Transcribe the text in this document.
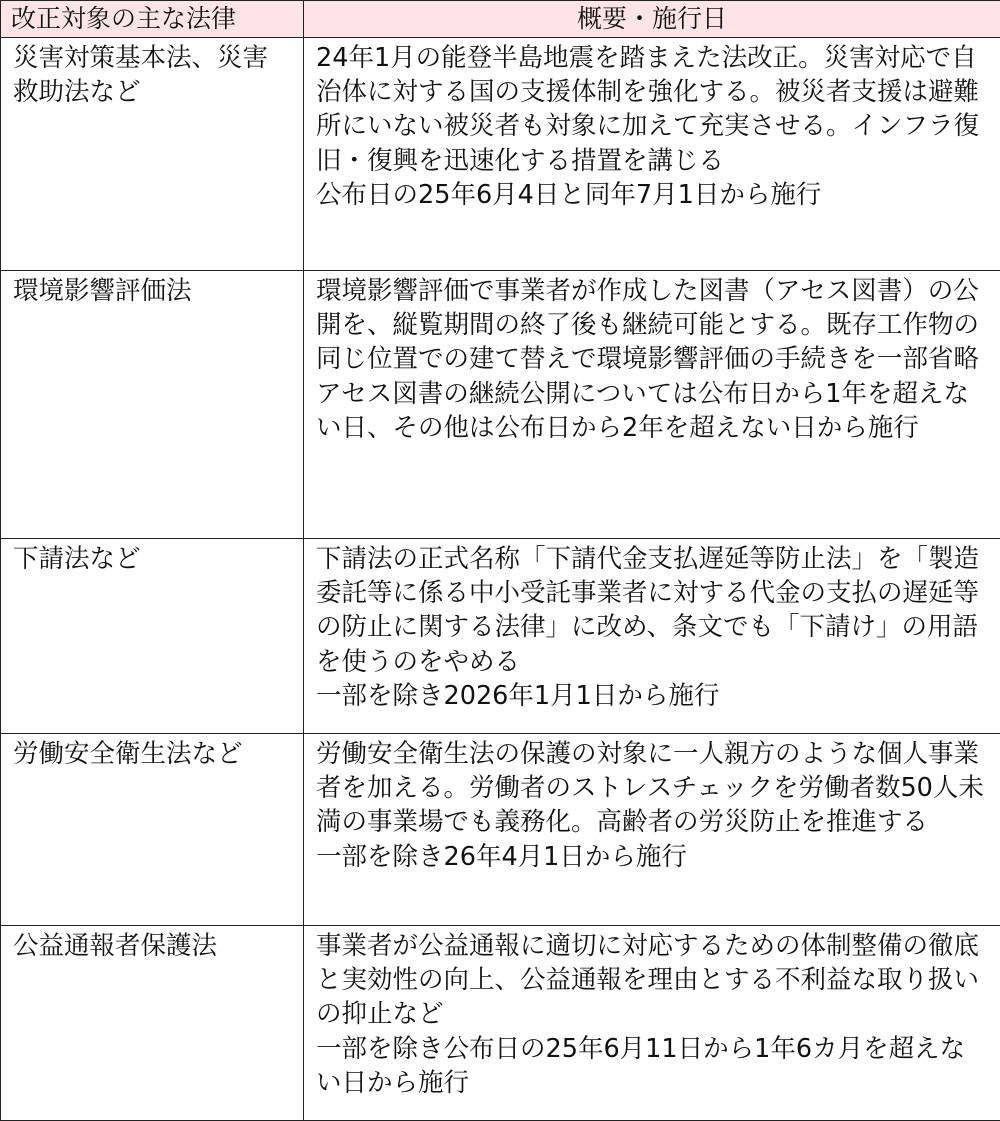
改正対象の主な法律	概要・施行日
災害対策基本法、災害救助法など	24年1月の能登半島地震を踏まえた法改正。災害対応で自治体に対する国の支援体制を強化する。被災者支援は避難所にいない被災者も対象に加えて充実させる。インフラ復旧・復興を迅速化する措置を講じる
公布日の25年6月4日と同年7月1日から施行

環境影響評価法	環境影響評価で事業者が作成した図書（アセス図書）の公開を、縦覧期間の終了後も継続可能とする。既存工作物の同じ位置での建て替えで環境影響評価の手続きを一部省略
アセス図書の継続公開については公布日から1年を超えない日、その他は公布日から2年を超えない日から施行

下請法など	下請法の正式名称「下請代金支払遅延等防止法」を「製造委託等に係る中小受託事業者に対する代金の支払の遅延等の防止に関する法律」に改め、条文でも「下請け」の用語を使うのをやめる
一部を除き2026年1月1日から施行

労働安全衛生法など	労働安全衛生法の保護の対象に一人親方のような個人事業者を加える。労働者のストレスチェックを労働者数50人未満の事業場でも義務化。高齢者の労災防止を推進する
一部を除き26年4月1日から施行

公益通報者保護法	事業者が公益通報に適切に対応するための体制整備の徹底と実効性の向上、公益通報を理由とする不利益な取り扱いの抑止など
一部を除き公布日の25年6月11日から1年6カ月を超えない日から施行
